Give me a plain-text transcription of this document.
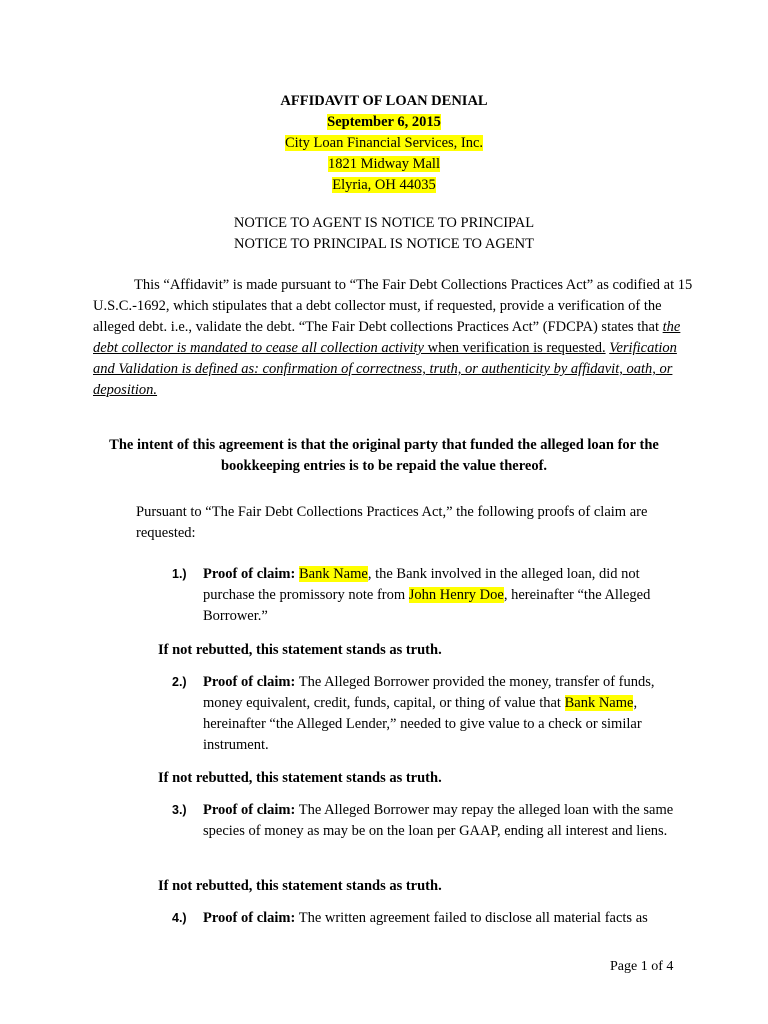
AFFIDAVIT OF LOAN DENIAL
September 6, 2015
City Loan Financial Services, Inc.
1821 Midway Mall
Elyria, OH 44035
NOTICE TO AGENT IS NOTICE TO PRINCIPAL
NOTICE TO PRINCIPAL IS NOTICE TO AGENT
This “Affidavit” is made pursuant to “The Fair Debt Collections Practices Act” as codified at 15 U.S.C.-1692, which stipulates that a debt collector must, if requested, provide a verification of the alleged debt. i.e., validate the debt. “The Fair Debt collections Practices Act” (FDCPA) states that the debt collector is mandated to cease all collection activity when verification is requested. Verification and Validation is defined as: confirmation of correctness, truth, or authenticity by affidavit, oath, or deposition.
The intent of this agreement is that the original party that funded the alleged loan for the bookkeeping entries is to be repaid the value thereof.
Pursuant to “The Fair Debt Collections Practices Act,” the following proofs of claim are requested:
1.) Proof of claim: Bank Name, the Bank involved in the alleged loan, did not purchase the promissory note from John Henry Doe, hereinafter “the Alleged Borrower.”
If not rebutted, this statement stands as truth.
2.) Proof of claim: The Alleged Borrower provided the money, transfer of funds, money equivalent, credit, funds, capital, or thing of value that Bank Name, hereinafter “the Alleged Lender,” needed to give value to a check or similar instrument.
If not rebutted, this statement stands as truth.
3.) Proof of claim: The Alleged Borrower may repay the alleged loan with the same species of money as may be on the loan per GAAP, ending all interest and liens.
If not rebutted, this statement stands as truth.
4.) Proof of claim: The written agreement failed to disclose all material facts as
Page 1 of 4
